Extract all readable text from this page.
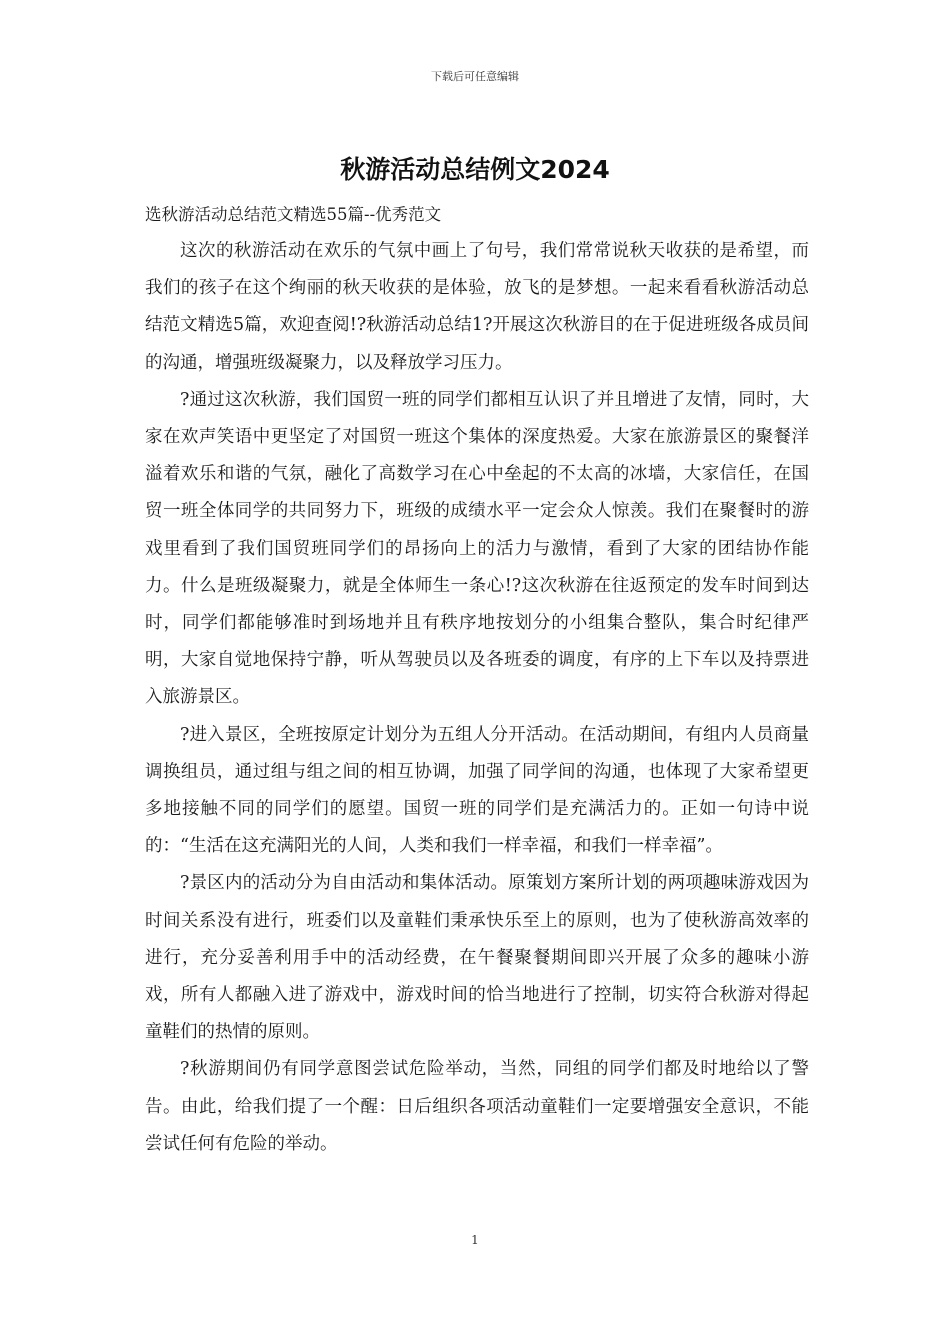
下载后可任意编辑
秋游活动总结例文2024
选秋游活动总结范文精选55篇--优秀范文

这次的秋游活动在欢乐的气氛中画上了句号，我们常常说秋天收获的是希望，而我们的孩子在这个绚丽的秋天收获的是体验，放飞的是梦想。一起来看看秋游活动总结范文精选5篇，欢迎查阅!?秋游活动总结1?开展这次秋游目的在于促进班级各成员间的沟通，增强班级凝聚力，以及释放学习压力。

?通过这次秋游，我们国贸一班的同学们都相互认识了并且增进了友情，同时，大家在欢声笑语中更坚定了对国贸一班这个集体的深度热爱。大家在旅游景区的聚餐洋溢着欢乐和谐的气氛，融化了高数学习在心中垒起的不太高的冰墙，大家信任，在国贸一班全体同学的共同努力下，班级的成绩水平一定会众人惊羡。我们在聚餐时的游戏里看到了我们国贸班同学们的昂扬向上的活力与激情，看到了大家的团结协作能力。什么是班级凝聚力，就是全体师生一条心!?这次秋游在往返预定的发车时间到达时，同学们都能够准时到场地并且有秩序地按划分的小组集合整队，集合时纪律严明，大家自觉地保持宁静，听从驾驶员以及各班委的调度，有序的上下车以及持票进入旅游景区。

?进入景区，全班按原定计划分为五组人分开活动。在活动期间，有组内人员商量调换组员，通过组与组之间的相互协调，加强了同学间的沟通，也体现了大家希望更多地接触不同的同学们的愿望。国贸一班的同学们是充满活力的。正如一句诗中说的：“生活在这充满阳光的人间，人类和我们一样幸福，和我们一样幸福”。

?景区内的活动分为自由活动和集体活动。原策划方案所计划的两项趣味游戏因为时间关系没有进行，班委们以及童鞋们秉承快乐至上的原则，也为了使秋游高效率的进行，充分妥善利用手中的活动经费，在午餐聚餐期间即兴开展了众多的趣味小游戏，所有人都融入进了游戏中，游戏时间的恰当地进行了控制，切实符合秋游对得起童鞋们的热情的原则。

?秋游期间仍有同学意图尝试危险举动，当然，同组的同学们都及时地给以了警告。由此，给我们提了一个醒：日后组织各项活动童鞋们一定要增强安全意识，不能尝试任何有危险的举动。

1
